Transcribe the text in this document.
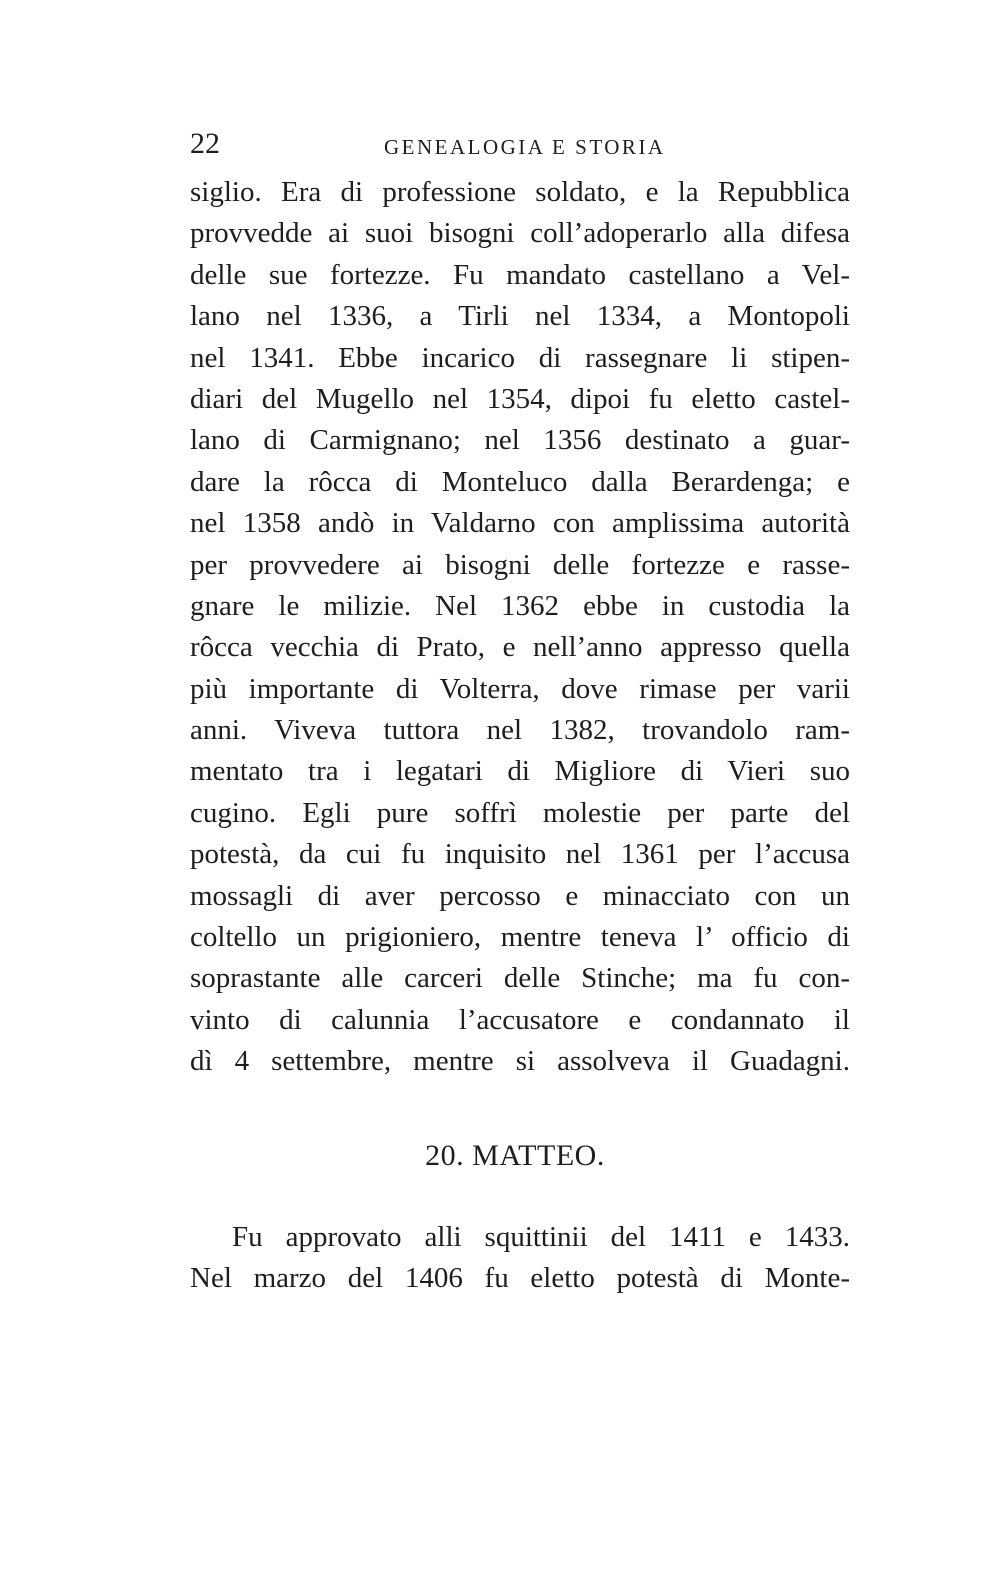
22	GENEALOGIA E STORIA
siglio. Era di professione soldato, e la Repubblica
provvedde ai suoi bisogni coll’adoperarlo alla difesa
delle sue fortezze. Fu mandato castellano a Vel-
lano nel 1336, a Tirli nel 1334, a Montopoli
nel 1341. Ebbe incarico di rassegnare li stipen-
diari del Mugello nel 1354, dipoi fu eletto castel-
lano di Carmignano; nel 1356 destinato a guar-
dare la rôcca di Monteluco dalla Berardenga; e
nel 1358 andò in Valdarno con amplissima autorità
per provvedere ai bisogni delle fortezze e rasse-
gnare le milizie. Nel 1362 ebbe in custodia la
rôcca vecchia di Prato, e nell’anno appresso quella
più importante di Volterra, dove rimase per varii
anni. Viveva tuttora nel 1382, trovandolo ram-
mentato tra i legatari di Migliore di Vieri suo
cugino. Egli pure soffrì molestie per parte del
potestà, da cui fu inquisito nel 1361 per l’accusa
mossagli di aver percosso e minacciato con un
coltello un prigioniero, mentre teneva l’ officio di
soprastante alle carceri delle Stinche; ma fu con-
vinto di calunnia l’accusatore e condannato il
dì 4 settembre, mentre si assolveva il Guadagni.
20. MATTEO.
Fu approvato alli squittinii del 1411 e 1433.
Nel marzo del 1406 fu eletto potestà di Monte-
